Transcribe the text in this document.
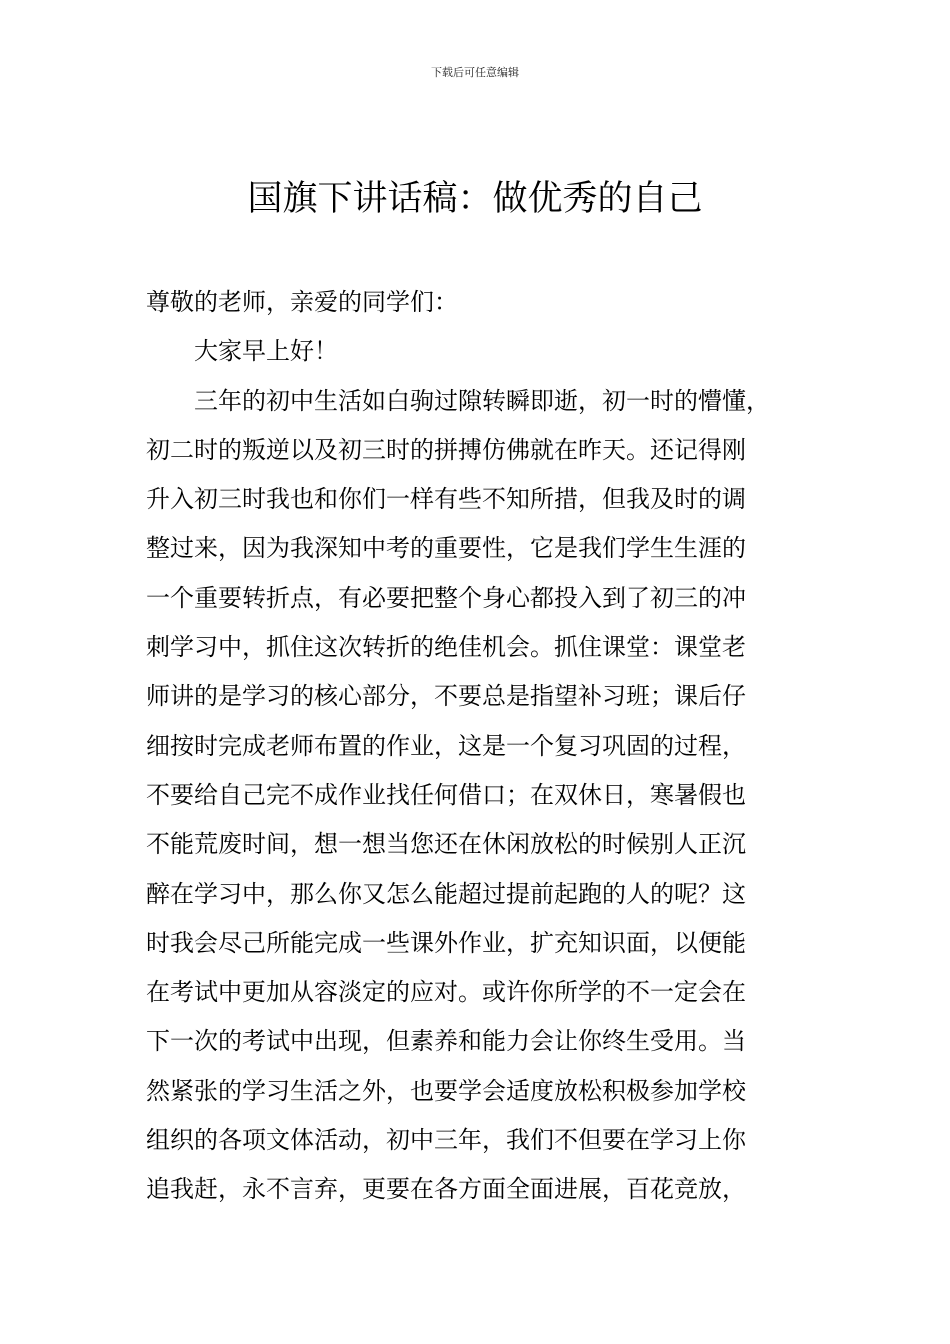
下载后可任意编辑
国旗下讲话稿：做优秀的自己

尊敬的老师，亲爱的同学们：

大家早上好！

三年的初中生活如白驹过隙转瞬即逝，初一时的懵懂，
初二时的叛逆以及初三时的拼搏仿佛就在昨天。还记得刚
升入初三时我也和你们一样有些不知所措，但我及时的调
整过来，因为我深知中考的重要性，它是我们学生生涯的
一个重要转折点，有必要把整个身心都投入到了初三的冲
刺学习中，抓住这次转折的绝佳机会。抓住课堂：课堂老
师讲的是学习的核心部分，不要总是指望补习班；课后仔
细按时完成老师布置的作业，这是一个复习巩固的过程，
不要给自己完不成作业找任何借口；在双休日，寒暑假也
不能荒废时间，想一想当您还在休闲放松的时候别人正沉
醉在学习中，那么你又怎么能超过提前起跑的人的呢？这
时我会尽己所能完成一些课外作业，扩充知识面，以便能
在考试中更加从容淡定的应对。或许你所学的不一定会在
下一次的考试中出现，但素养和能力会让你终生受用。当
然紧张的学习生活之外，也要学会适度放松积极参加学校
组织的各项文体活动，初中三年，我们不但要在学习上你
追我赶，永不言弃，更要在各方面全面进展，百花竞放，
